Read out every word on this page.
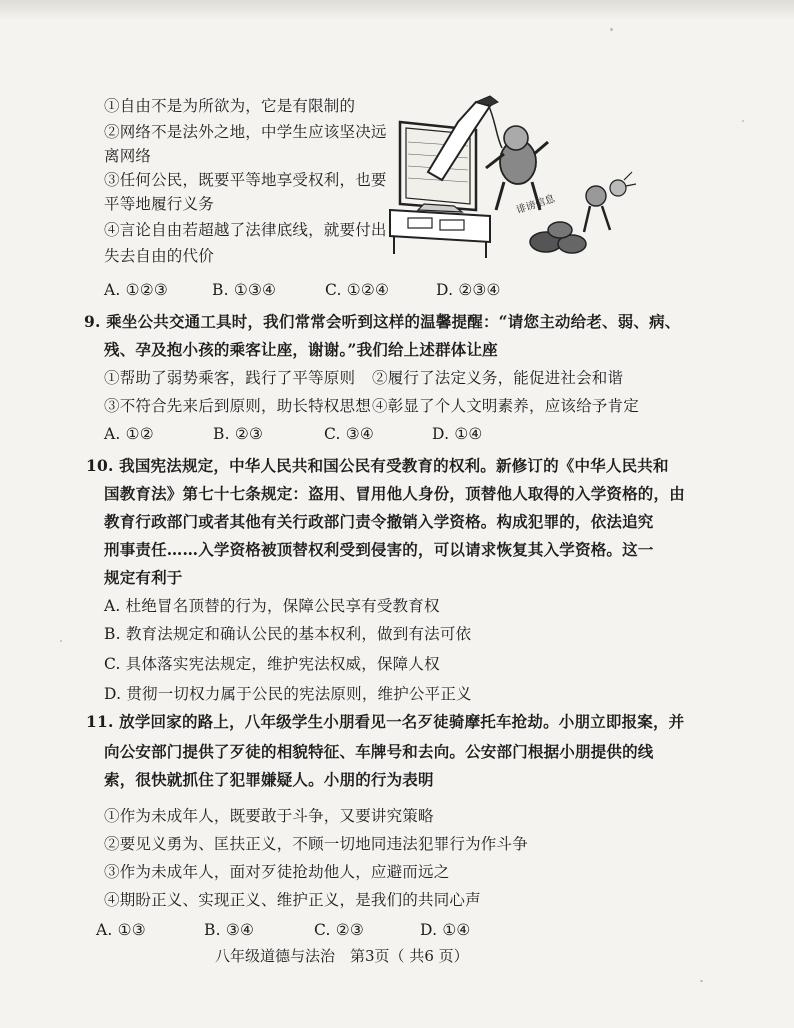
①自由不是为所欲为，它是有限制的
②网络不是法外之地，中学生应该坚决远
离网络
③任何公民，既要平等地享受权利，也要
平等地履行义务
④言论自由若超越了法律底线，就要付出
失去自由的代价
A. ①②③	B. ①③④	C. ①②④	D. ②③④
诽谤信息
9. 乘坐公共交通工具时，我们常常会听到这样的温馨提醒：“请您主动给老、弱、病、
残、孕及抱小孩的乘客让座，谢谢。”我们给上述群体让座
①帮助了弱势乘客，践行了平等原则 ②履行了法定义务，能促进社会和谐
③不符合先来后到原则，助长特权思想 ④彰显了个人文明素养，应该给予肯定
A. ①②	B. ②③	C. ③④	D. ①④
10. 我国宪法规定，中华人民共和国公民有受教育的权利。新修订的《中华人民共和
国教育法》第七十七条规定：盗用、冒用他人身份，顶替他人取得的入学资格的，由
教育行政部门或者其他有关行政部门责令撤销入学资格。构成犯罪的，依法追究
刑事责任……入学资格被顶替权利受到侵害的，可以请求恢复其入学资格。这一
规定有利于
A. 杜绝冒名顶替的行为，保障公民享有受教育权
B. 教育法规定和确认公民的基本权利，做到有法可依
C. 具体落实宪法规定，维护宪法权威，保障人权
D. 贯彻一切权力属于公民的宪法原则，维护公平正义
11. 放学回家的路上，八年级学生小朋看见一名歹徒骑摩托车抢劫。小朋立即报案，并
向公安部门提供了歹徒的相貌特征、车牌号和去向。公安部门根据小朋提供的线
索，很快就抓住了犯罪嫌疑人。小朋的行为表明
①作为未成年人，既要敢于斗争，又要讲究策略
②要见义勇为、匡扶正义，不顾一切地同违法犯罪行为作斗争
③作为未成年人，面对歹徒抢劫他人，应避而远之
④期盼正义、实现正义、维护正义，是我们的共同心声
A. ①③	B. ③④	C. ②③	D. ①④
八年级道德与法治　第3页（ 共6 页）
